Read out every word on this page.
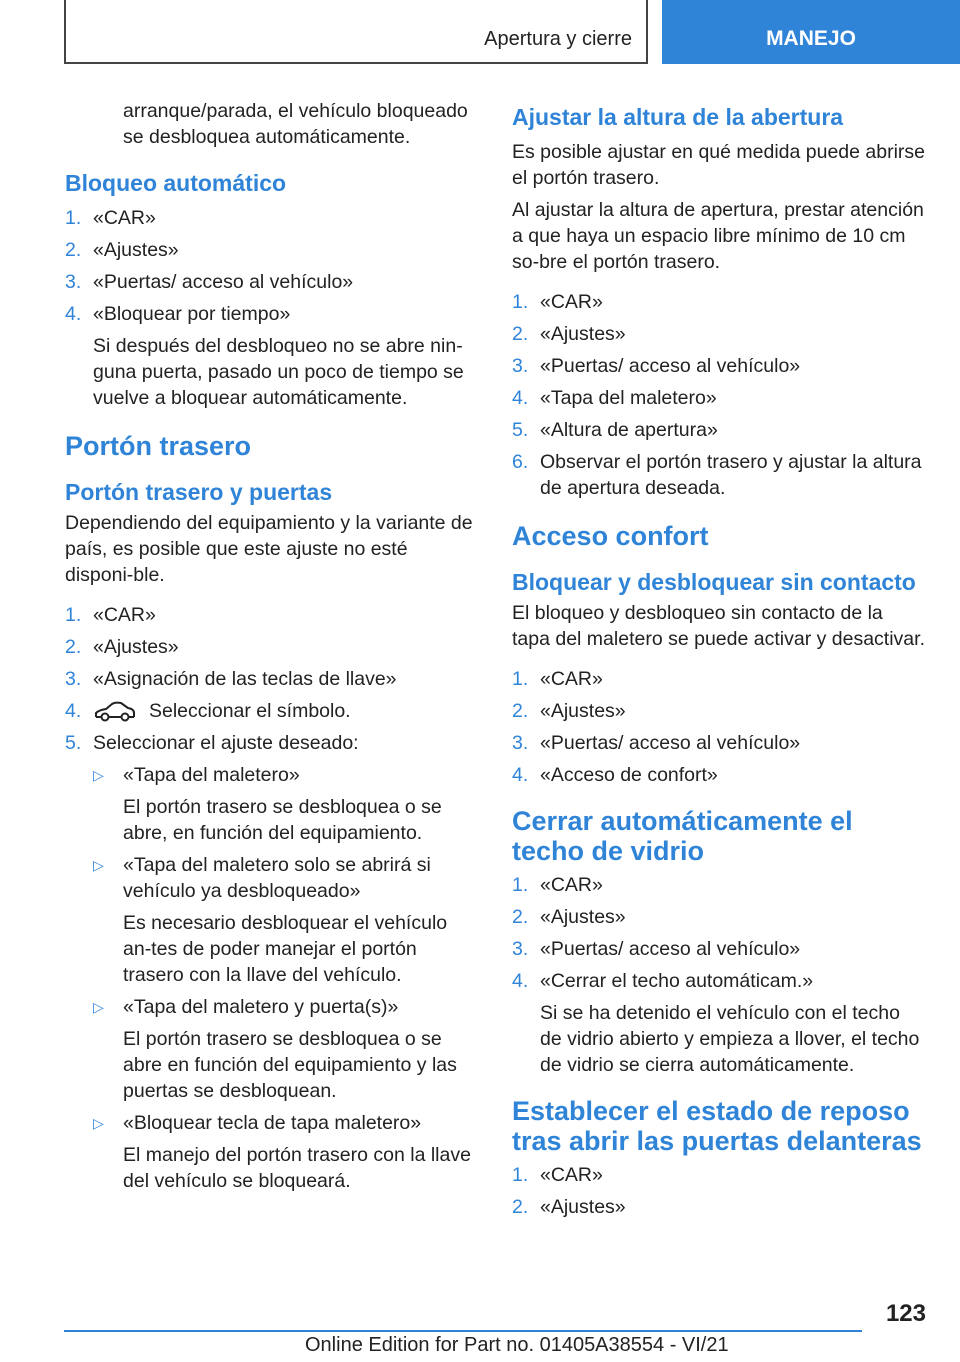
Apertura y cierre	MANEJO

arranque/parada, el vehículo bloqueado se desbloquea automáticamente.

Bloqueo automático
1. «CAR»
2. «Ajustes»
3. «Puertas/ acceso al vehículo»
4. «Bloquear por tiempo»
Si después del desbloqueo no se abre nin-guna puerta, pasado un poco de tiempo se vuelve a bloquear automáticamente.
Portón trasero
Portón trasero y puertas

Dependiendo del equipamiento y la variante de país, es posible que este ajuste no esté disponi-ble.

1. «CAR»
2. «Ajustes»
3. «Asignación de las teclas de llave»
4.	Seleccionar el símbolo.
5. Seleccionar el ajuste deseado:
▷ «Tapa del maletero»
El portón trasero se desbloquea o se abre, en función del equipamiento.
▷ «Tapa del maletero solo se abrirá si vehículo ya desbloqueado»
Es necesario desbloquear el vehículo an-tes de poder manejar el portón trasero con la llave del vehículo.
▷ «Tapa del maletero y puerta(s)»
El portón trasero se desbloquea o se abre en función del equipamiento y las puertas se desbloquean.
▷ «Bloquear tecla de tapa maletero»
El manejo del portón trasero con la llave del vehículo se bloqueará.
Ajustar la altura de la abertura

Es posible ajustar en qué medida puede abrirse el portón trasero.

Al ajustar la altura de apertura, prestar atención a que haya un espacio libre mínimo de 10 cm so-bre el portón trasero.

1. «CAR»
2. «Ajustes»
3. «Puertas/ acceso al vehículo»
4. «Tapa del maletero»
5. «Altura de apertura»
6. Observar el portón trasero y ajustar la altura de apertura deseada.
Acceso confort
Bloquear y desbloquear sin contacto

El bloqueo y desbloqueo sin contacto de la tapa del maletero se puede activar y desactivar.

1. «CAR»
2. «Ajustes»
3. «Puertas/ acceso al vehículo»
4. «Acceso de confort»
Cerrar automáticamente el techo de vidrio
1. «CAR»
2. «Ajustes»
3. «Puertas/ acceso al vehículo»
4. «Cerrar el techo automáticam.»
Si se ha detenido el vehículo con el techo de vidrio abierto y empieza a llover, el techo de vidrio se cierra automáticamente.
Establecer el estado de reposo tras abrir las puertas delanteras
1. «CAR»
2. «Ajustes»
123
Online Edition for Part no. 01405A38554 - VI/21
